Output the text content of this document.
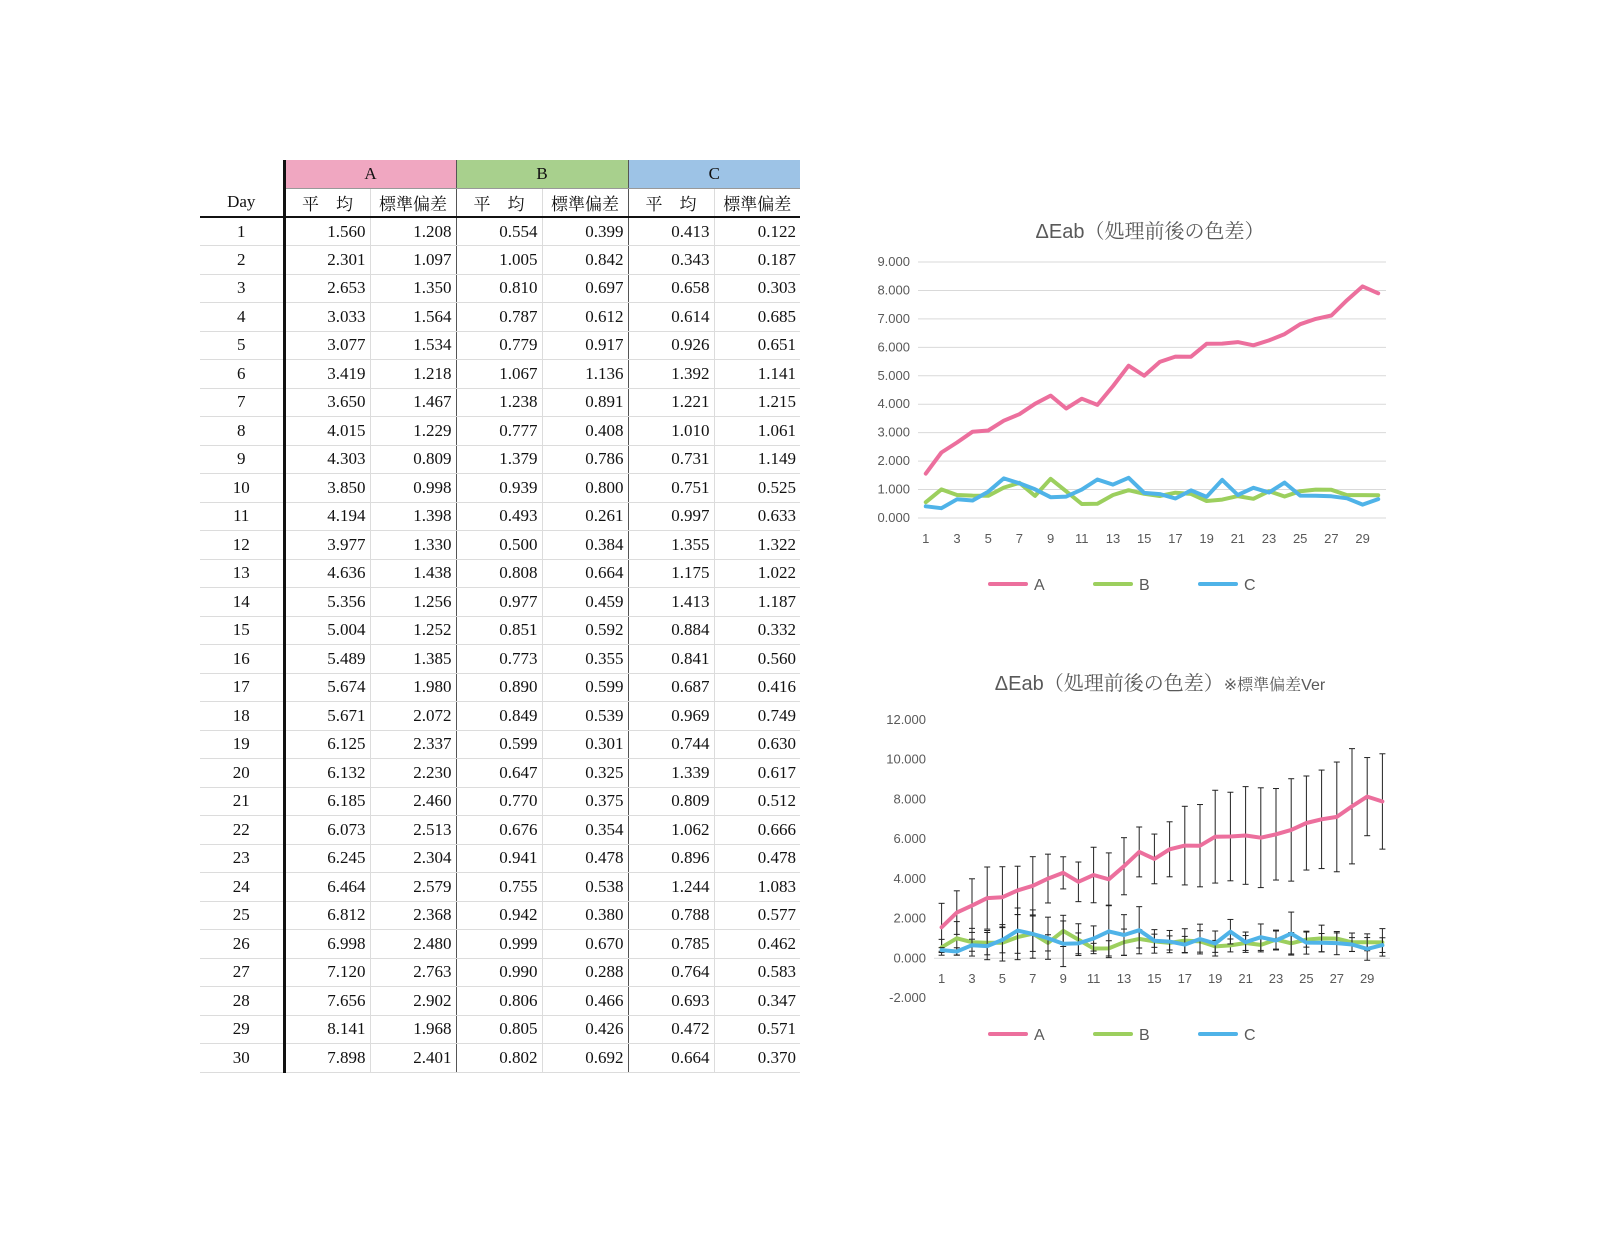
	A		B		C	
Day	平　均	標準偏差	平　均	標準偏差	平　均	標準偏差
1	1.560	1.208	0.554	0.399	0.413	0.122
2	2.301	1.097	1.005	0.842	0.343	0.187
3	2.653	1.350	0.810	0.697	0.658	0.303
4	3.033	1.564	0.787	0.612	0.614	0.685
5	3.077	1.534	0.779	0.917	0.926	0.651
6	3.419	1.218	1.067	1.136	1.392	1.141
7	3.650	1.467	1.238	0.891	1.221	1.215
8	4.015	1.229	0.777	0.408	1.010	1.061
9	4.303	0.809	1.379	0.786	0.731	1.149
10	3.850	0.998	0.939	0.800	0.751	0.525
11	4.194	1.398	0.493	0.261	0.997	0.633
12	3.977	1.330	0.500	0.384	1.355	1.322
13	4.636	1.438	0.808	0.664	1.175	1.022
14	5.356	1.256	0.977	0.459	1.413	1.187
15	5.004	1.252	0.851	0.592	0.884	0.332
16	5.489	1.385	0.773	0.355	0.841	0.560
17	5.674	1.980	0.890	0.599	0.687	0.416
18	5.671	2.072	0.849	0.539	0.969	0.749
19	6.125	2.337	0.599	0.301	0.744	0.630
20	6.132	2.230	0.647	0.325	1.339	0.617
21	6.185	2.460	0.770	0.375	0.809	0.512
22	6.073	2.513	0.676	0.354	1.062	0.666
23	6.245	2.304	0.941	0.478	0.896	0.478
24	6.464	2.579	0.755	0.538	1.244	1.083
25	6.812	2.368	0.942	0.380	0.788	0.577
26	6.998	2.480	0.999	0.670	0.785	0.462
27	7.120	2.763	0.990	0.288	0.764	0.583
28	7.656	2.902	0.806	0.466	0.693	0.347
29	8.141	1.968	0.805	0.426	0.472	0.571
30	7.898	2.401	0.802	0.692	0.664	0.370
ΔEab（処理前後の色差）
0.000
1.000
2.000
3.000
4.000
5.000
6.000
7.000
8.000
9.000
1 3 5 7 9 11 13 15 17 19 21 23 25 27 29
A	B	C
ΔEab（処理前後の色差）※標準偏差Ver
-2.000
0.000
2.000
4.000
6.000
8.000
10.000
12.000
1 3 5 7 9 11 13 15 17 19 21 23 25 27 29
A	B	C
